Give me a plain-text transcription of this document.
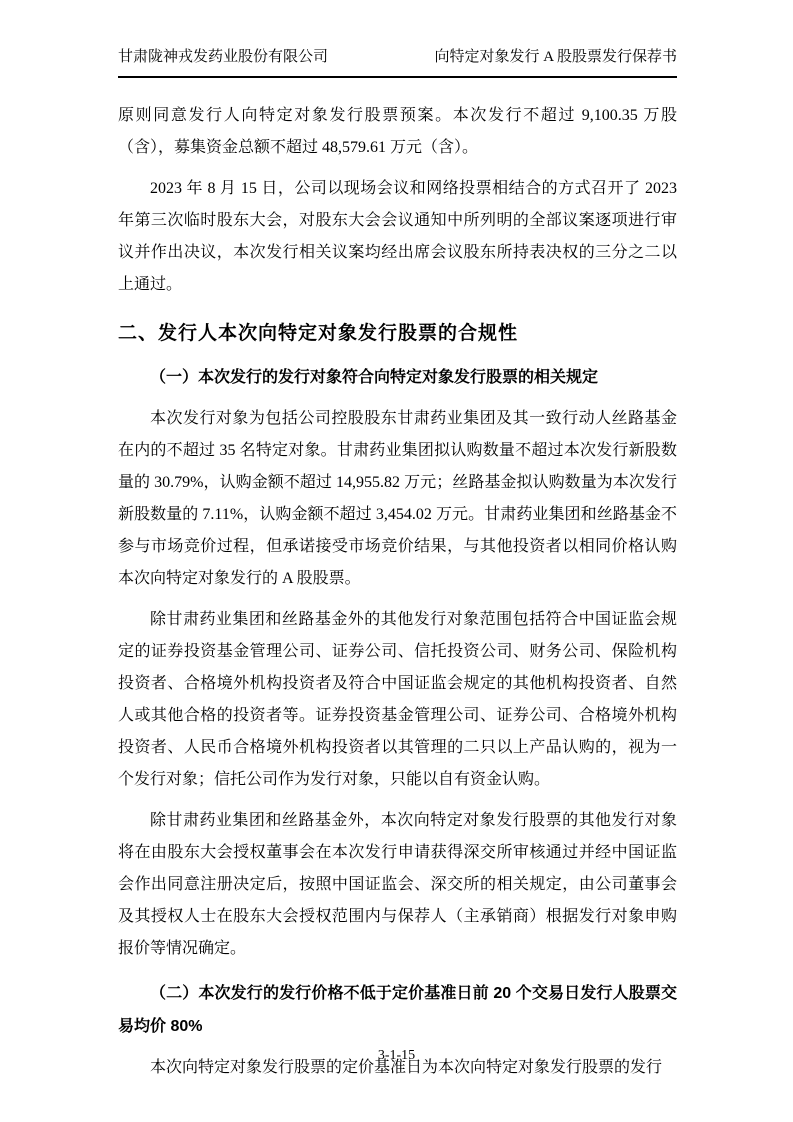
甘肃陇神戎发药业股份有限公司	向特定对象发行 A 股股票发行保荐书

原则同意发行人向特定对象发行股票预案。本次发行不超过 9,100.35 万股（含），募集资金总额不超过 48,579.61 万元（含）。

2023 年 8 月 15 日，公司以现场会议和网络投票相结合的方式召开了 2023 年第三次临时股东大会，对股东大会会议通知中所列明的全部议案逐项进行审议并作出决议，本次发行相关议案均经出席会议股东所持表决权的三分之二以上通过。

二、发行人本次向特定对象发行股票的合规性
（一）本次发行的发行对象符合向特定对象发行股票的相关规定

本次发行对象为包括公司控股股东甘肃药业集团及其一致行动人丝路基金在内的不超过 35 名特定对象。甘肃药业集团拟认购数量不超过本次发行新股数量的 30.79%，认购金额不超过 14,955.82 万元；丝路基金拟认购数量为本次发行新股数量的 7.11%，认购金额不超过 3,454.02 万元。甘肃药业集团和丝路基金不参与市场竞价过程，但承诺接受市场竞价结果，与其他投资者以相同价格认购本次向特定对象发行的 A 股股票。

除甘肃药业集团和丝路基金外的其他发行对象范围包括符合中国证监会规定的证券投资基金管理公司、证券公司、信托投资公司、财务公司、保险机构投资者、合格境外机构投资者及符合中国证监会规定的其他机构投资者、自然人或其他合格的投资者等。证券投资基金管理公司、证券公司、合格境外机构投资者、人民币合格境外机构投资者以其管理的二只以上产品认购的，视为一个发行对象；信托公司作为发行对象，只能以自有资金认购。

除甘肃药业集团和丝路基金外，本次向特定对象发行股票的其他发行对象将在由股东大会授权董事会在本次发行申请获得深交所审核通过并经中国证监会作出同意注册决定后，按照中国证监会、深交所的相关规定，由公司董事会及其授权人士在股东大会授权范围内与保荐人（主承销商）根据发行对象申购报价等情况确定。

（二）本次发行的发行价格不低于定价基准日前 20 个交易日发行人股票交易均价 80%

本次向特定对象发行股票的定价基准日为本次向特定对象发行股票的发行

3-1-15
